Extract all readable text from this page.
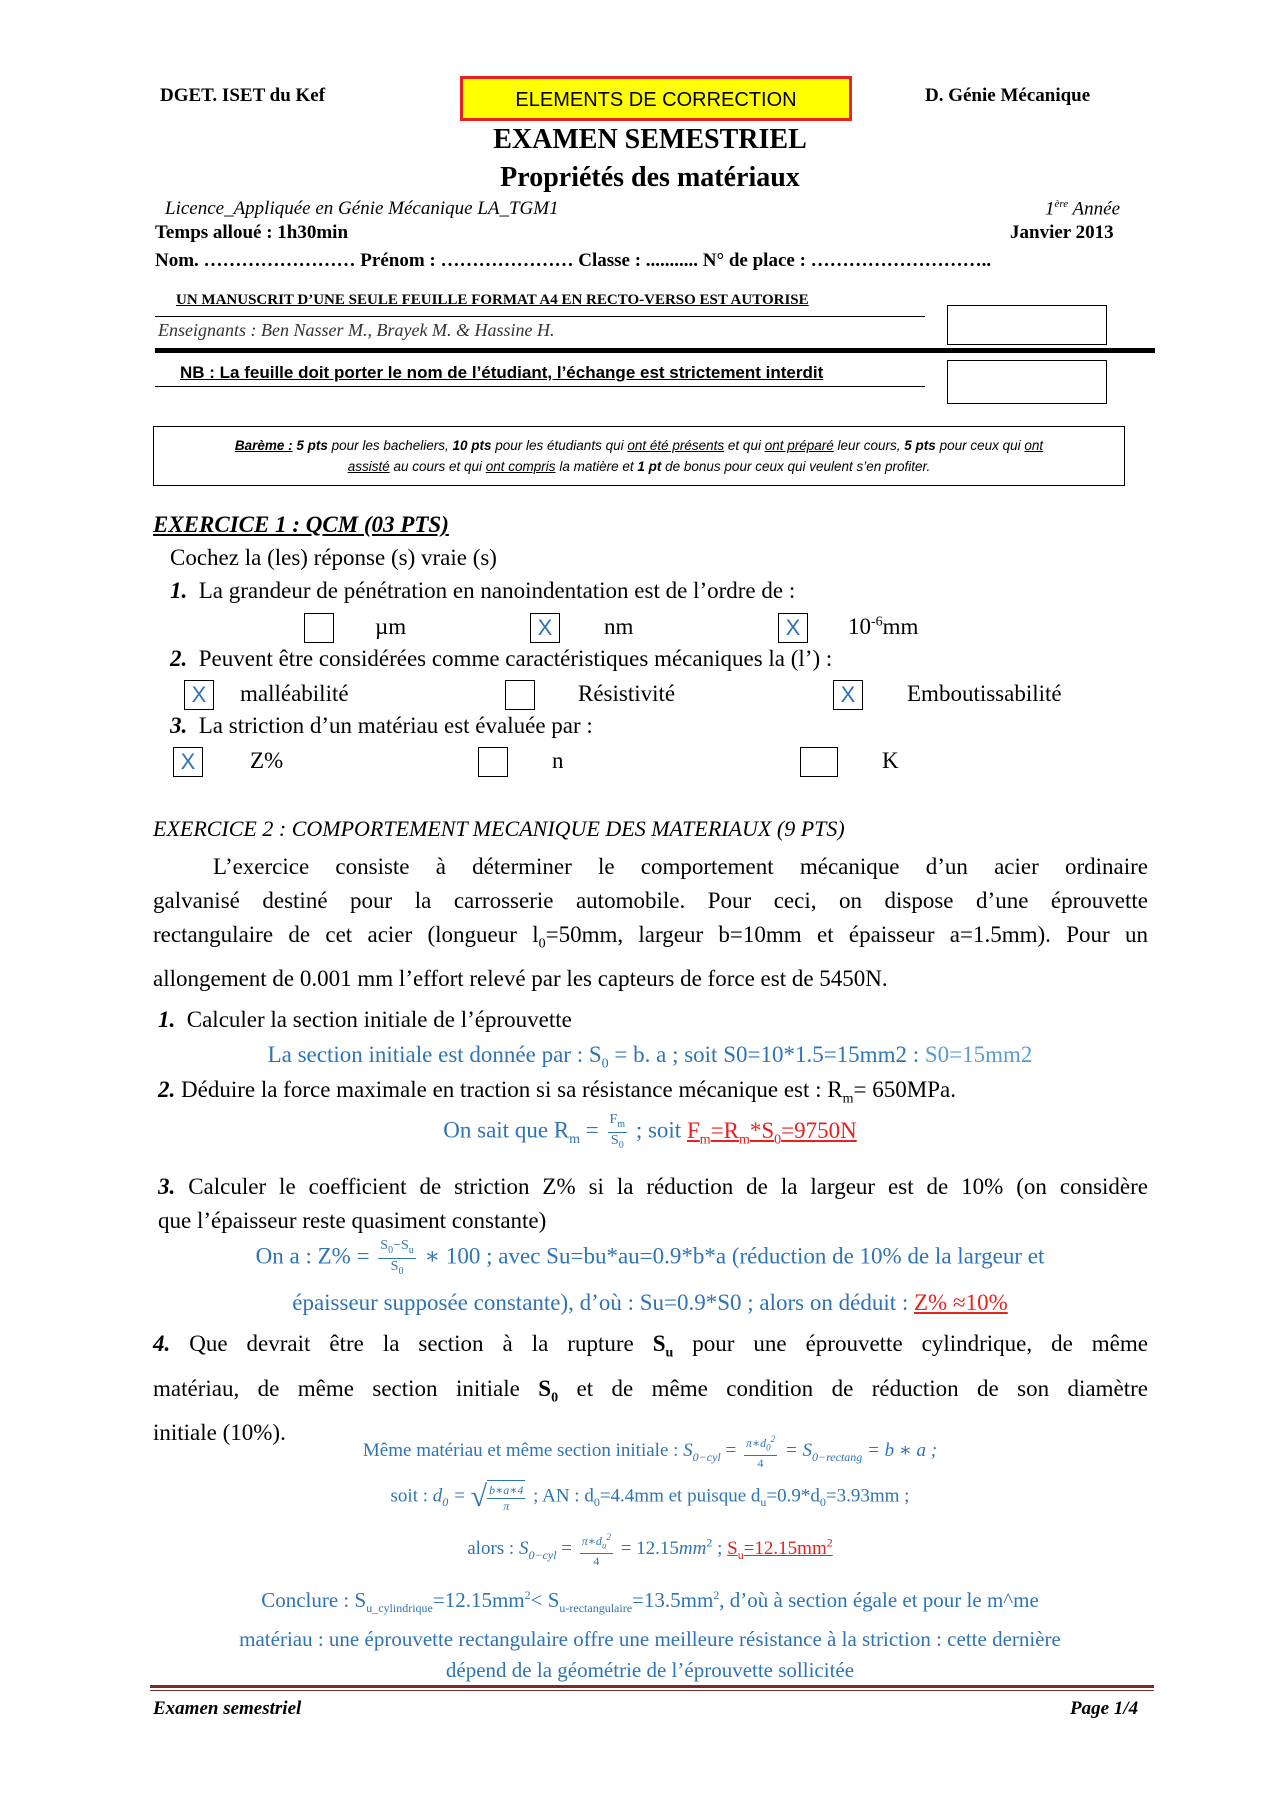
DGET. ISET du Kef	ELEMENTS DE CORRECTION	D. Génie Mécanique
EXAMEN SEMESTRIEL
Propriétés des matériaux
Licence_Appliquée en Génie Mécanique LA_TGM1	1ère Année
Temps alloué : 1h30min	Janvier 2013
Nom. …………………… Prénom : ………………… Classe : ........... N° de place : ………………………..
UN MANUSCRIT D’UNE SEULE FEUILLE FORMAT A4 EN RECTO-VERSO EST AUTORISE
Enseignants : Ben Nasser M., Brayek M. & Hassine H.
NB : La feuille doit porter le nom de l’étudiant, l’échange est strictement interdit
Barème : 5 pts pour les bacheliers, 10 pts pour les étudiants qui ont été présents et qui ont préparé leur cours, 5 pts pour ceux qui ont
assisté au cours et qui ont compris la matière et 1 pt de bonus pour ceux qui veulent s’en profiter.
EXERCICE 1 : QCM (03 PTS)
Cochez la (les) réponse (s) vraie (s)
1. La grandeur de pénétration en nanoindentation est de l’ordre de :
µm	X	nm	X	$10^{-6}mm$
2. Peuvent être considérées comme caractéristiques mécaniques la (l’) :
X	malléabilité	Résistivité	X	Emboutissabilité
3. La striction d’un matériau est évaluée par :
X	Z%	n	K
EXERCICE 2 : COMPORTEMENT MECANIQUE DES MATERIAUX (9 PTS)
L’exercice consiste à déterminer le comportement mécanique d’un acier ordinaire
galvanisé destiné pour la carrosserie automobile. Pour ceci, on dispose d’une éprouvette
rectangulaire de cet acier (longueur $l_0=50mm$, largeur b=10mm et épaisseur a=1.5mm). Pour un
allongement de 0.001 mm l’effort relevé par les capteurs de force est de 5450N.
1. Calculer la section initiale de l’éprouvette
La section initiale est donnée par : $S_0 = b$. a ; soit S0=10*1.5=15mm2 : S0=15mm2
2. Déduire la force maximale en traction si sa résistance mécanique est : $R_m= 650MPa$.
On sait que $R_m = \frac{F_m}{S_0}$ ; soit $F_m=R_m*S_0=9750N$
3. Calculer le coefficient de striction Z% si la réduction de la largeur est de 10% (on considère
que l’épaisseur reste quasiment constante)
On a : $Z\% = \frac{S_0-S_u}{S_0}$ ∗ 100 ; avec Su=bu*au=0.9*b*a (réduction de 10% de la largeur et
épaisseur supposée constante), d’où : Su=0.9*S0 ; alors on déduit : Z% ≈10%
4. Que devrait être la section à la rupture $S_u$ pour une éprouvette cylindrique, de même
matériau, de même section initiale $S_0$ et de même condition de réduction de son diamètre
initiale (10%).
Même matériau et même section initiale : $S_{0-cyl} = \frac{\pi∗d_0^2}{4} = S_{0-rectang} = b$ ∗ a ;
soit : $d_0$ = √ $\frac{b∗a∗4}{\pi}$ ; AN : $d_0=4.4mm$ et puisque $d_u=0.9*d_0=3.93mm$ ;
alors : $S_{0-cyl} = \frac{\pi∗d_u^2}{4} = 12.15mm^2$ ; $S_u=12.15mm^2$
Conclure : $S_{u\_cylindrique}=12.15mm^2< S_{u-rectangulaire}=13.5mm^2$, d’où à section égale et pour le m^me
matériau : une éprouvette rectangulaire offre une meilleure résistance à la striction : cette dernière
dépend de la géométrie de l’éprouvette sollicitée
Examen semestriel	Page 1/4
